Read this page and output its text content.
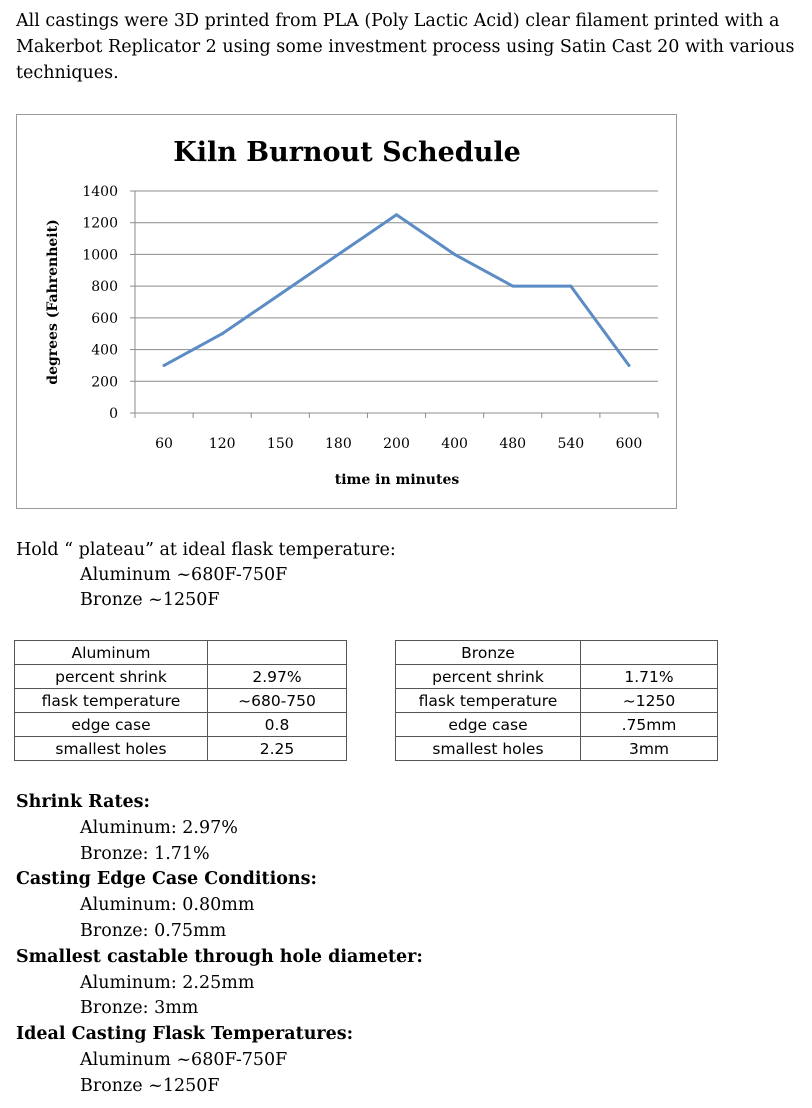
All castings were 3D printed from PLA (Poly Lactic Acid) clear filament printed with a Makerbot Replicator 2 using some investment process using Satin Cast 20 with various techniques.
Kiln Burnout Schedule
0
200
400
600
800
1000
1200
1400
60	120 150 180 200 400 480 540 600
degrees (Fahrenheit)
time in minutes
Hold “ plateau” at ideal flask temperature:
Aluminum ~680F-750F
Bronze ~1250F
Aluminum	
percent shrink	2.97%
flask temperature	~680-750
edge case	0.8
smallest holes	2.25
Bronze	
percent shrink	1.71%
flask temperature	~1250
edge case	.75mm
smallest holes	3mm
Shrink Rates:
Aluminum: 2.97%
Bronze: 1.71%
Casting Edge Case Conditions:
Aluminum: 0.80mm
Bronze: 0.75mm
Smallest castable through hole diameter:
Aluminum: 2.25mm
Bronze: 3mm
Ideal Casting Flask Temperatures:
Aluminum ~680F-750F
Bronze ~1250F
